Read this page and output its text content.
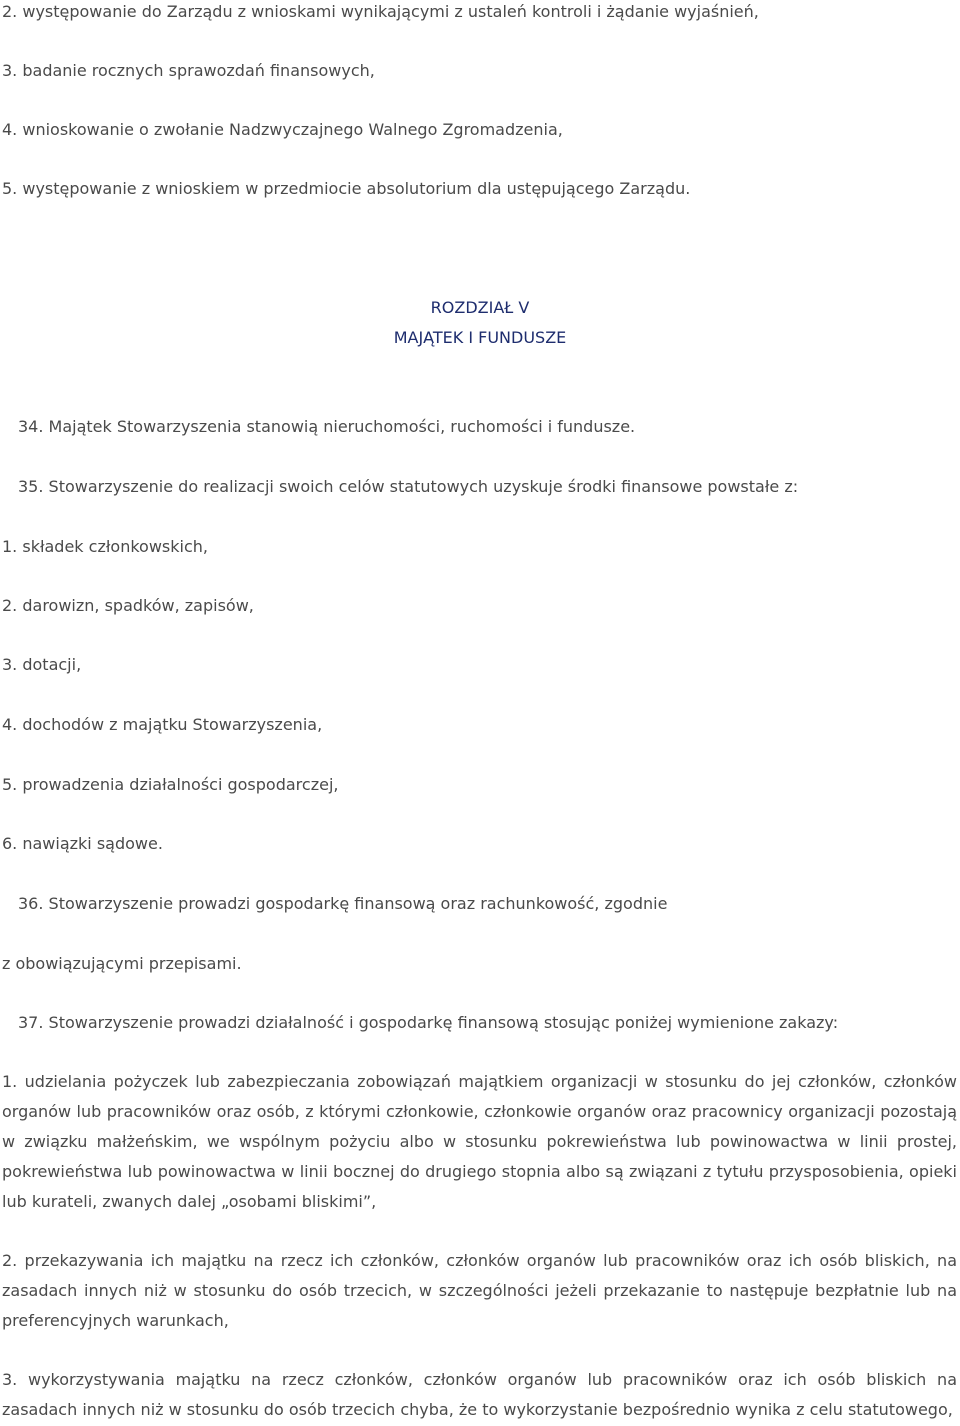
2. występowanie do Zarządu z wnioskami wynikającymi z ustaleń kontroli i żądanie wyjaśnień,

3. badanie rocznych sprawozdań finansowych,

4. wnioskowanie o zwołanie Nadzwyczajnego Walnego Zgromadzenia,

5. występowanie z wnioskiem w przedmiocie absolutorium dla ustępującego Zarządu.

ROZDZIAŁ V

MAJĄTEK I FUNDUSZE

34. Majątek Stowarzyszenia stanowią nieruchomości, ruchomości i fundusze.

35. Stowarzyszenie do realizacji swoich celów statutowych uzyskuje środki finansowe powstałe z:

1. składek członkowskich,

2. darowizn, spadków, zapisów,

3. dotacji,

4. dochodów z majątku Stowarzyszenia,

5. prowadzenia działalności gospodarczej,

6. nawiązki sądowe.

36. Stowarzyszenie prowadzi gospodarkę finansową oraz rachunkowość, zgodnie

z obowiązującymi przepisami.

37. Stowarzyszenie prowadzi działalność i gospodarkę finansową stosując poniżej wymienione zakazy:

1. udzielania pożyczek lub zabezpieczania zobowiązań majątkiem organizacji w stosunku do jej członków, członków organów lub pracowników oraz osób, z którymi członkowie, członkowie organów oraz pracownicy organizacji pozostają w związku małżeńskim, we wspólnym pożyciu albo w stosunku pokrewieństwa lub powinowactwa w linii prostej, pokrewieństwa lub powinowactwa w linii bocznej do drugiego stopnia albo są związani z tytułu przysposobienia, opieki lub kurateli, zwanych dalej „osobami bliskimi”,

2. przekazywania ich majątku na rzecz ich członków, członków organów lub pracowników oraz ich osób bliskich, na zasadach innych niż w stosunku do osób trzecich, w szczególności jeżeli przekazanie to następuje bezpłatnie lub na preferencyjnych warunkach,

3. wykorzystywania majątku na rzecz członków, członków organów lub pracowników oraz ich osób bliskich na zasadach innych niż w stosunku do osób trzecich chyba, że to wykorzystanie bezpośrednio wynika z celu statutowego,
